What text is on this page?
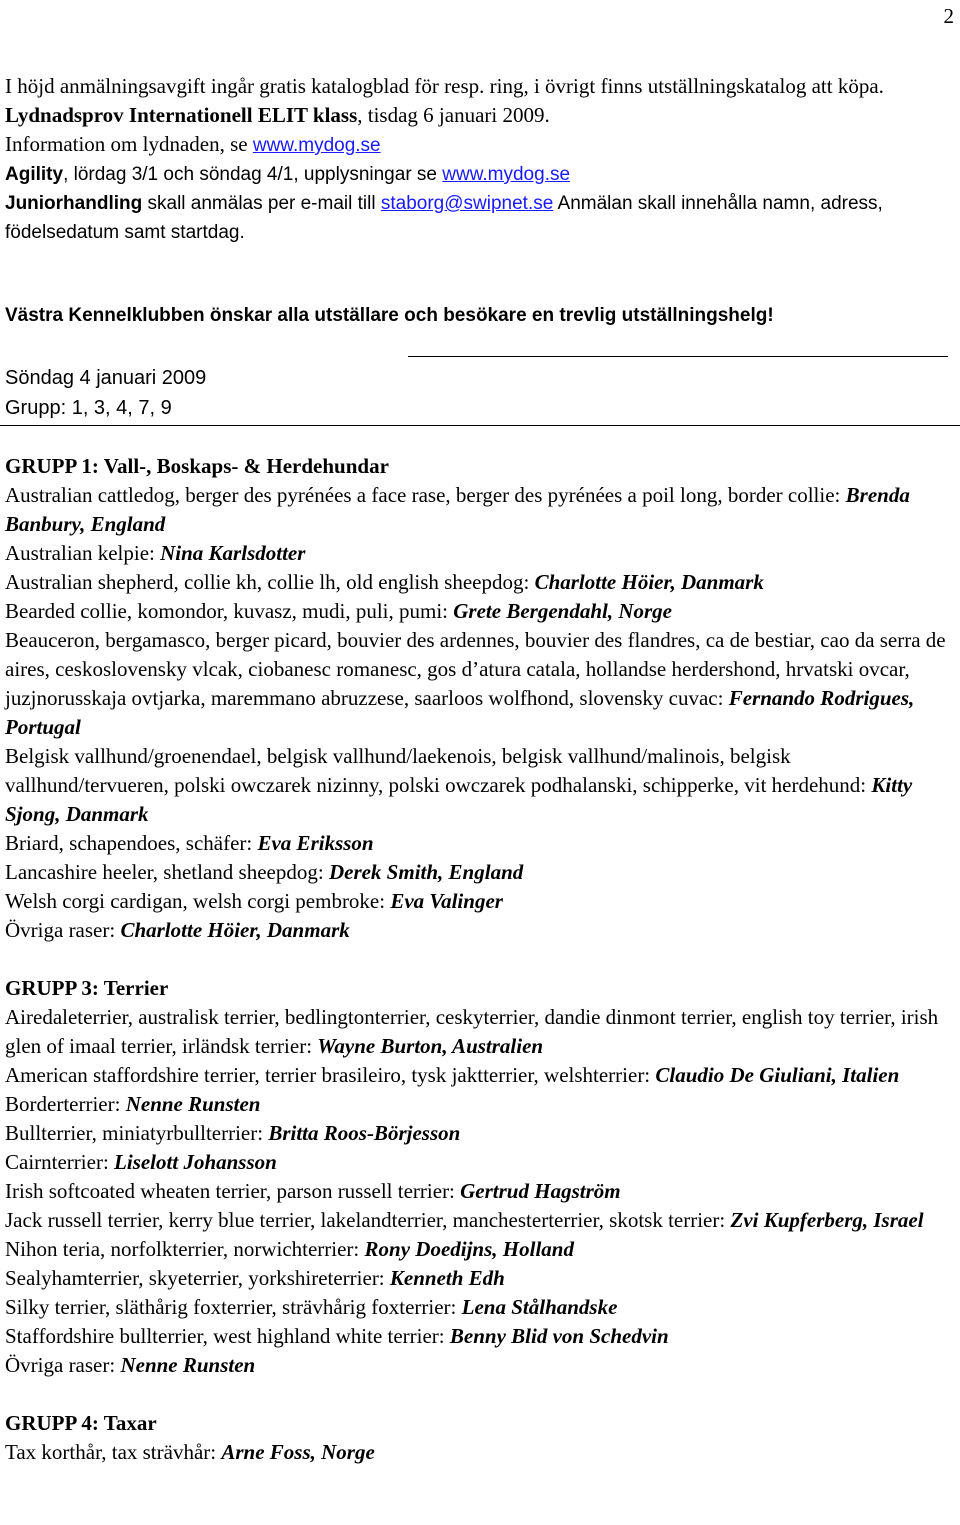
2
I höjd anmälningsavgift ingår gratis katalogblad för resp. ring, i övrigt finns utställningskatalog att köpa.
Lydnadsprov Internationell ELIT klass, tisdag 6 januari 2009.
Information om lydnaden, se www.mydog.se
Agility, lördag 3/1 och söndag 4/1, upplysningar se www.mydog.se
Juniorhandling skall anmälas per e-mail till staborg@swipnet.se Anmälan skall innehålla namn, adress, födelsedatum samt startdag.
Västra Kennelklubben önskar alla utställare och besökare en trevlig utställningshelg!
Söndag 4 januari 2009
Grupp: 1, 3, 4, 7, 9
GRUPP 1: Vall-, Boskaps- & Herdehundar
Australian cattledog, berger des pyrénées a face rase, berger des pyrénées a poil long, border collie: Brenda Banbury, England
Australian kelpie: Nina Karlsdotter
Australian shepherd, collie kh, collie lh, old english sheepdog: Charlotte Höier, Danmark
Bearded collie, komondor, kuvasz, mudi, puli, pumi: Grete Bergendahl, Norge
Beauceron, bergamasco, berger picard, bouvier des ardennes, bouvier des flandres, ca de bestiar, cao da serra de aires, ceskoslovensky vlcak, ciobanesc romanesc, gos d’atura catala, hollandse herdershond, hrvatski ovcar, juzjnorusskaja ovtjarka, maremmano abruzzese, saarloos wolfhond, slovensky cuvac: Fernando Rodrigues, Portugal
Belgisk vallhund/groenendael, belgisk vallhund/laekenois, belgisk vallhund/malinois, belgisk vallhund/tervueren, polski owczarek nizinny, polski owczarek podhalanski, schipperke, vit herdehund: Kitty Sjong, Danmark
Briard, schapendoes, schäfer: Eva Eriksson
Lancashire heeler, shetland sheepdog: Derek Smith, England
Welsh corgi cardigan, welsh corgi pembroke: Eva Valinger
Övriga raser: Charlotte Höier, Danmark
GRUPP 3: Terrier
Airedaleterrier, australisk terrier, bedlingtonterrier, ceskyterrier, dandie dinmont terrier, english toy terrier, irish glen of imaal terrier, irländsk terrier: Wayne Burton, Australien
American staffordshire terrier, terrier brasileiro, tysk jaktterrier, welshterrier: Claudio De Giuliani, Italien
Borderterrier: Nenne Runsten
Bullterrier, miniatyrbullterrier: Britta Roos-Börjesson
Cairnterrier: Liselott Johansson
Irish softcoated wheaten terrier, parson russell terrier: Gertrud Hagström
Jack russell terrier, kerry blue terrier, lakelandterrier, manchesterterrier, skotsk terrier: Zvi Kupferberg, Israel
Nihon teria, norfolkterrier, norwichterrier: Rony Doedijns, Holland
Sealyhamterrier, skyeterrier, yorkshireterrier: Kenneth Edh
Silky terrier, släthårig foxterrier, strävhårig foxterrier: Lena Stålhandske
Staffordshire bullterrier, west highland white terrier: Benny Blid von Schedvin
Övriga raser: Nenne Runsten
GRUPP 4: Taxar
Tax korthår, tax strävhår: Arne Foss, Norge
